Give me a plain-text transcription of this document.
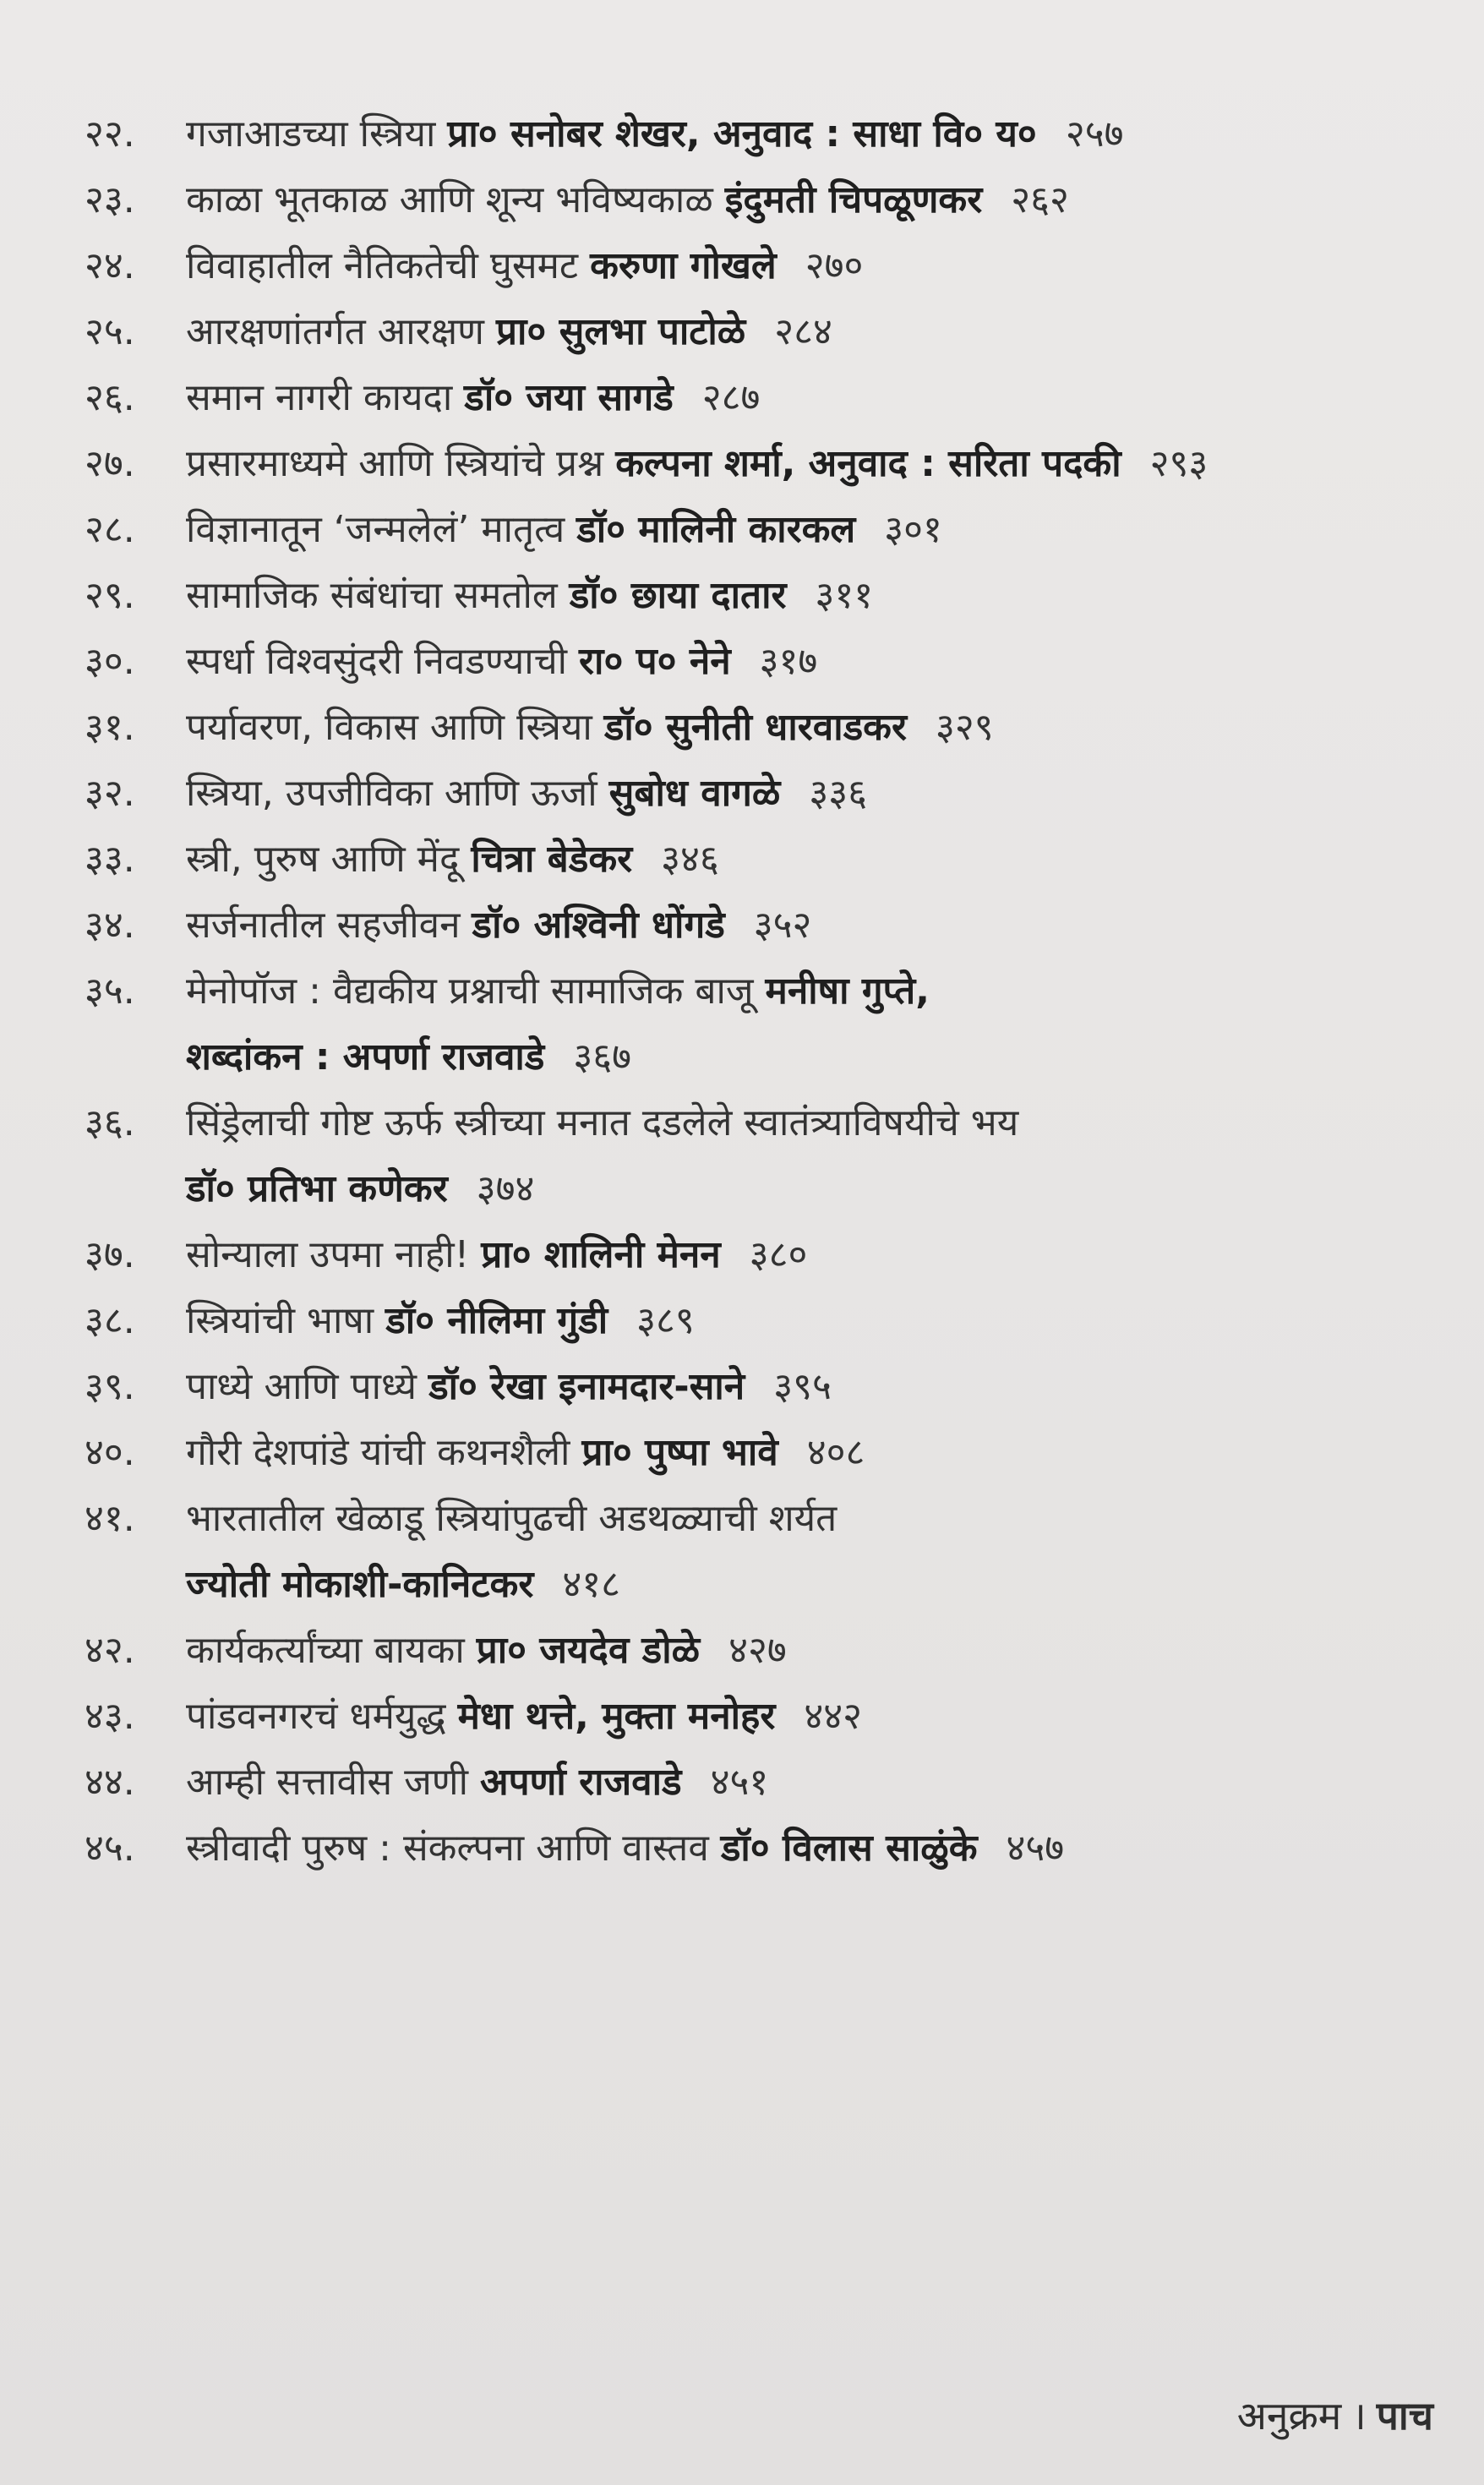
२२.	गजाआडच्या स्त्रिया प्रा० सनोबर शेखर, अनुवाद : साधा वि० य० २५७
२३.	काळा भूतकाळ आणि शून्य भविष्यकाळ इंदुमती चिपळूणकर २६२
२४.	विवाहातील नैतिकतेची घुसमट करुणा गोखले २७०
२५.	आरक्षणांतर्गत आरक्षण प्रा० सुलभा पाटोळे २८४
२६.	समान नागरी कायदा डॉ० जया सागडे २८७
२७.	प्रसारमाध्यमे आणि स्त्रियांचे प्रश्न कल्पना शर्मा, अनुवाद : सरिता पदकी २९३
२८.	विज्ञानातून ‘जन्मलेलं’ मातृत्व डॉ० मालिनी कारकल ३०१
२९.	सामाजिक संबंधांचा समतोल डॉ० छाया दातार ३११
३०.	स्पर्धा विश्वसुंदरी निवडण्याची रा० प० नेने ३१७
३१.	पर्यावरण, विकास आणि स्त्रिया डॉ० सुनीती धारवाडकर ३२९
३२.	स्त्रिया, उपजीविका आणि ऊर्जा सुबोध वागळे ३३६
३३.	स्त्री, पुरुष आणि मेंदू चित्रा बेडेकर ३४६
३४.	सर्जनातील सहजीवन डॉ० अश्विनी धोंगडे ३५२
३५.	मेनोपॉज : वैद्यकीय प्रश्नाची सामाजिक बाजू मनीषा गुप्ते,
शब्दांकन : अपर्णा राजवाडे ३६७
३६.	सिंड्रेलाची गोष्ट ऊर्फ स्त्रीच्या मनात दडलेले स्वातंत्र्याविषयीचे भय
डॉ० प्रतिभा कणेकर ३७४
३७.	सोन्याला उपमा नाही! प्रा० शालिनी मेनन ३८०
३८.	स्त्रियांची भाषा डॉ० नीलिमा गुंडी ३८९
३९.	पाध्ये आणि पाध्ये डॉ० रेखा इनामदार-साने ३९५
४०.	गौरी देशपांडे यांची कथनशैली प्रा० पुष्पा भावे ४०८
४१.	भारतातील खेळाडू स्त्रियांपुढची अडथळ्याची शर्यत
ज्योती मोकाशी-कानिटकर ४१८
४२.	कार्यकर्त्यांच्या बायका प्रा० जयदेव डोळे ४२७
४३.	पांडवनगरचं धर्मयुद्ध मेधा थत्ते, मुक्ता मनोहर ४४२
४४.	आम्ही सत्तावीस जणी अपर्णा राजवाडे ४५१
४५.	स्त्रीवादी पुरुष : संकल्पना आणि वास्तव डॉ० विलास साळुंके ४५७
अनुक्रम । पाच
